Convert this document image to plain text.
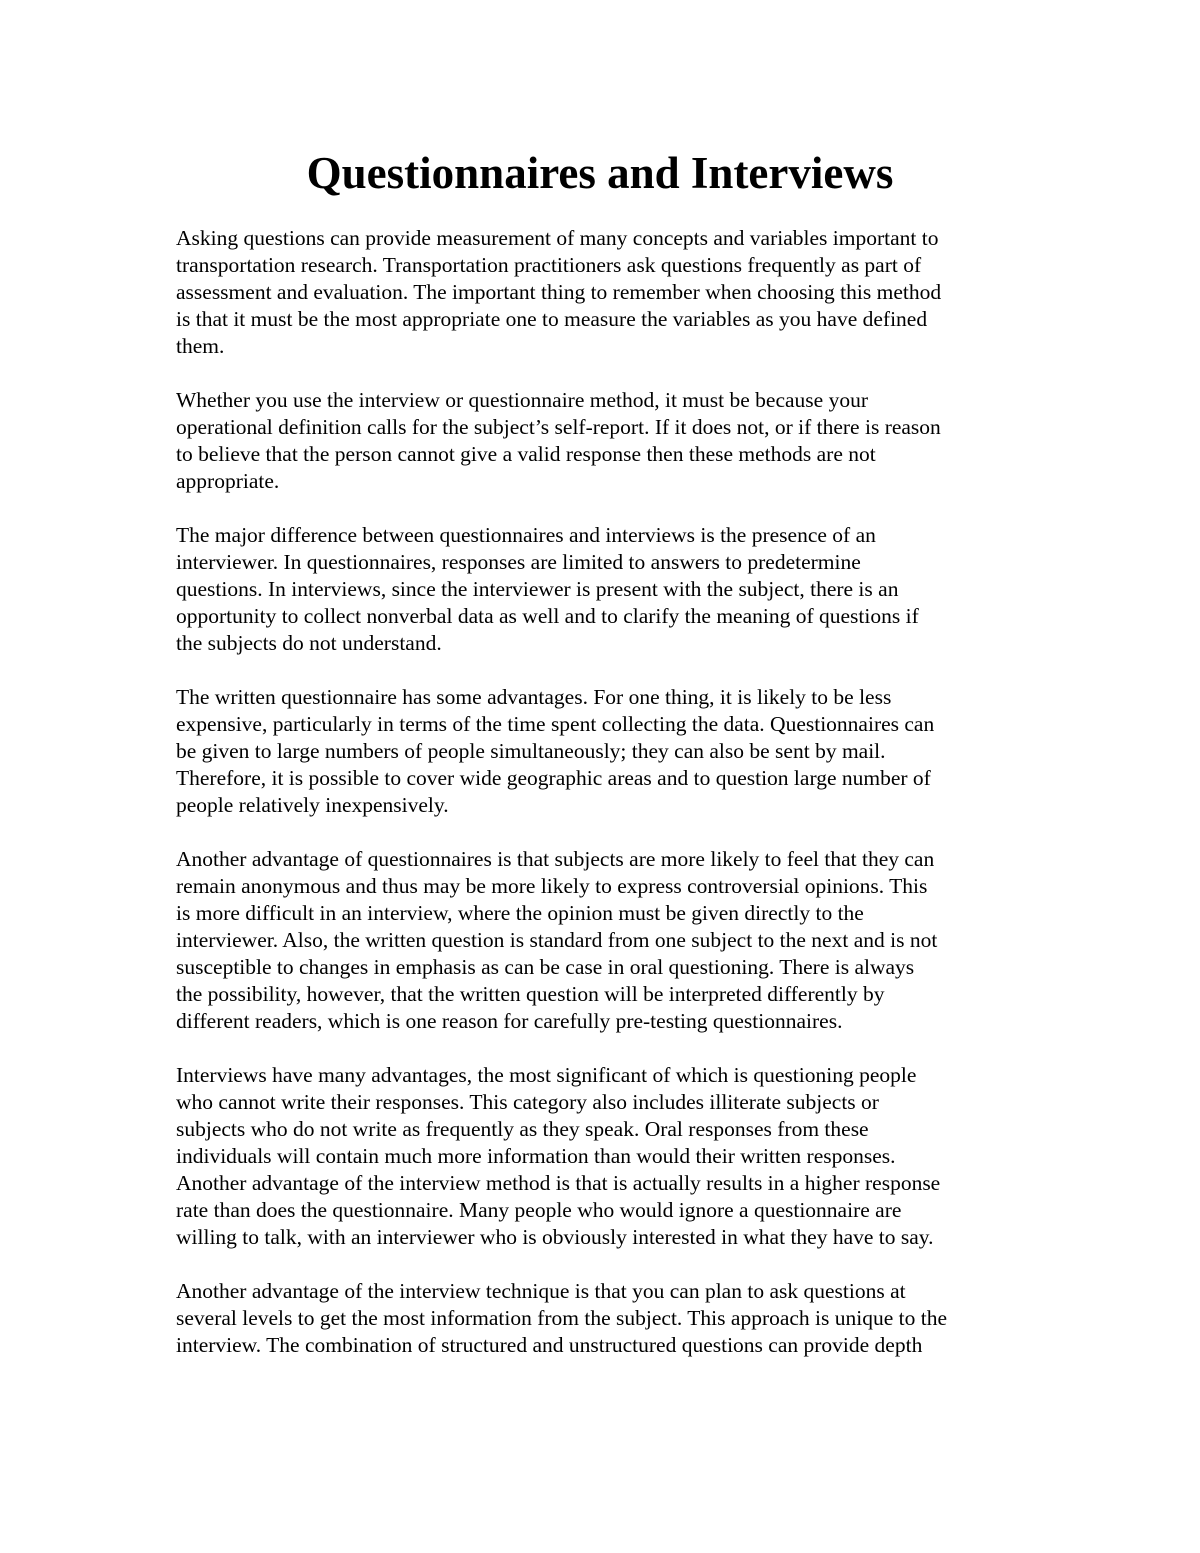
Questionnaires and Interviews

Asking questions can provide measurement of many concepts and variables important to
transportation research. Transportation practitioners ask questions frequently as part of
assessment and evaluation. The important thing to remember when choosing this method
is that it must be the most appropriate one to measure the variables as you have defined
them.

Whether you use the interview or questionnaire method, it must be because your
operational definition calls for the subject’s self-report. If it does not, or if there is reason
to believe that the person cannot give a valid response then these methods are not
appropriate.

The major difference between questionnaires and interviews is the presence of an
interviewer. In questionnaires, responses are limited to answers to predetermine
questions. In interviews, since the interviewer is present with the subject, there is an
opportunity to collect nonverbal data as well and to clarify the meaning of questions if
the subjects do not understand.

The written questionnaire has some advantages. For one thing, it is likely to be less
expensive, particularly in terms of the time spent collecting the data. Questionnaires can
be given to large numbers of people simultaneously; they can also be sent by mail.
Therefore, it is possible to cover wide geographic areas and to question large number of
people relatively inexpensively.

Another advantage of questionnaires is that subjects are more likely to feel that they can
remain anonymous and thus may be more likely to express controversial opinions. This
is more difficult in an interview, where the opinion must be given directly to the
interviewer. Also, the written question is standard from one subject to the next and is not
susceptible to changes in emphasis as can be case in oral questioning. There is always
the possibility, however, that the written question will be interpreted differently by
different readers, which is one reason for carefully pre-testing questionnaires.

Interviews have many advantages, the most significant of which is questioning people
who cannot write their responses. This category also includes illiterate subjects or
subjects who do not write as frequently as they speak. Oral responses from these
individuals will contain much more information than would their written responses.
Another advantage of the interview method is that is actually results in a higher response
rate than does the questionnaire. Many people who would ignore a questionnaire are
willing to talk, with an interviewer who is obviously interested in what they have to say.

Another advantage of the interview technique is that you can plan to ask questions at
several levels to get the most information from the subject. This approach is unique to the
interview. The combination of structured and unstructured questions can provide depth
